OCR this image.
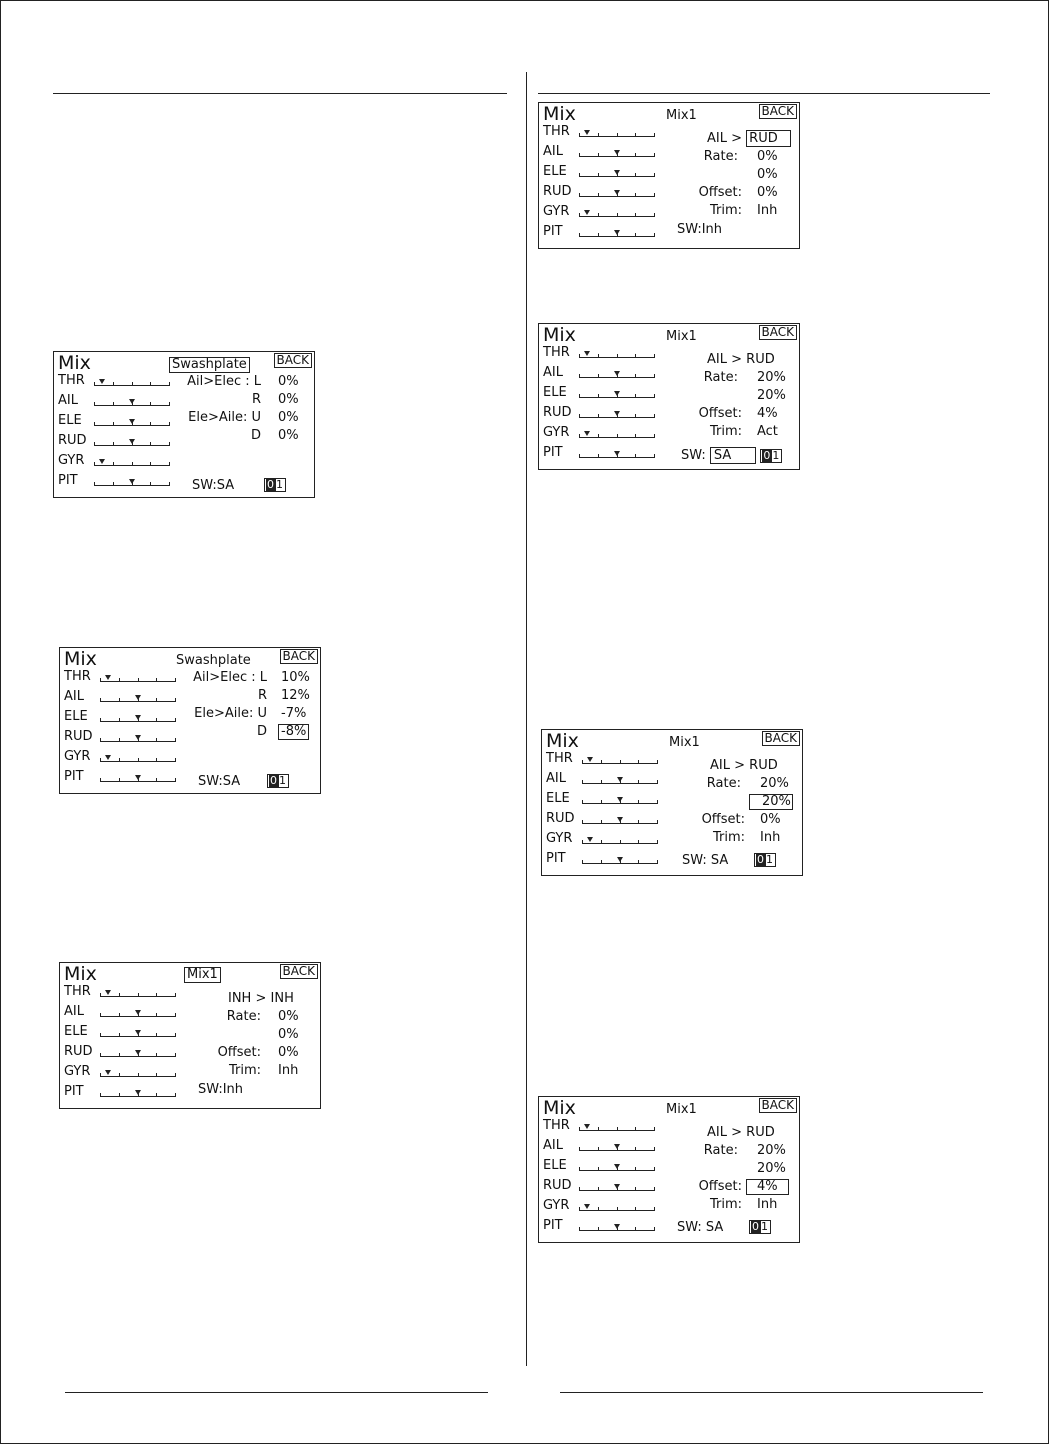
Mix	Swashplate BACK
Ail>Elec : L 0%
R 0%
Ele>Aile: U 0%
D 0%
SW:SA	01
THR
AIL
ELE
RUD
GYR
PIT
Mix	Swashplate	BACK
Ail>Elec : L 10%
R 12%
Ele>Aile: U -7%
D -8%
SW:SA	01
THR
AIL
ELE
RUD
GYR
PIT
Mix	Mix1	BACK
INH > INH
Rate: 0%
0%
Offset: 0%
Trim: Inh
SW:Inh
THR
AIL
ELE
RUD
GYR
PIT
Mix	Mix1	BACK
AIL > RUD
Rate: 0%
0%
Offset: 0%
Trim: Inh
SW:Inh
THR
AIL
ELE
RUD
GYR
PIT
Mix	Mix1	BACK
AIL > RUD
Rate: 20%
20%
Offset: 4%
Trim: Act
SW: SA	01
THR
AIL
ELE
RUD
GYR
PIT
Mix	Mix1	BACK
AIL > RUD
Rate: 20%
20%
Offset: 0%
Trim: Inh
SW: SA	01
THR
AIL
ELE
RUD
GYR
PIT
Mix	Mix1	BACK
AIL > RUD
Rate: 20%
20%
Offset:	4%
Trim: Inh
SW: SA	01
THR
AIL
ELE
RUD
GYR
PIT
